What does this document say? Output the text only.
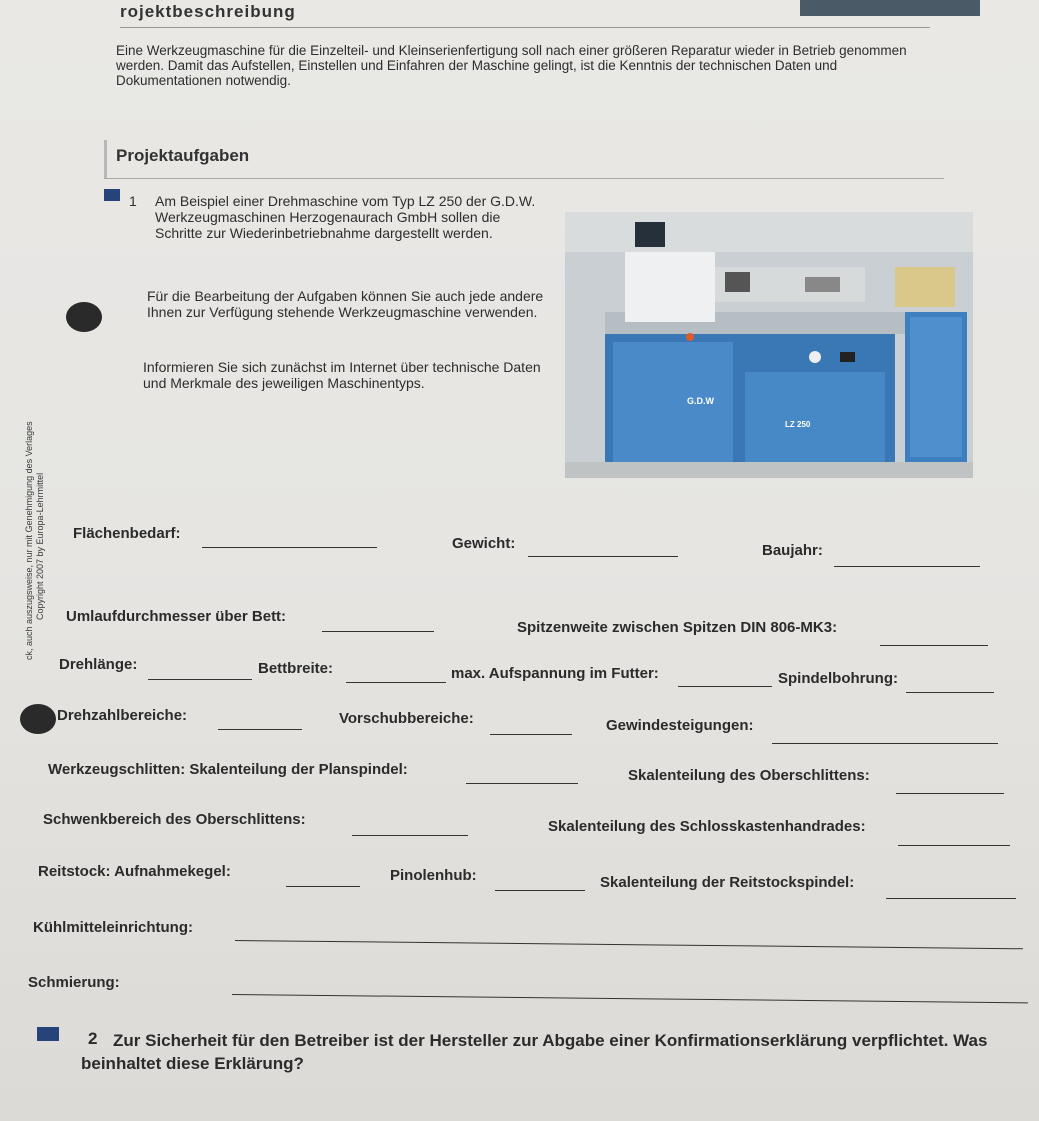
rojektbeschreibung
Eine Werkzeugmaschine für die Einzelteil- und Kleinserienfertigung soll nach einer größeren Reparatur wieder in Betrieb genommen werden. Damit das Aufstellen, Einstellen und Einfahren der Maschine gelingt, ist die Kenntnis der technischen Daten und Dokumentationen notwendig.
Projektaufgaben
ck, auch auszugsweise, nur mit Genehmigung des Verlages Copyright 2007 by Europa-Lehrmittel
1 Am Beispiel einer Drehmaschine vom Typ LZ 250 der G.D.W. Werkzeugmaschinen Herzogenaurach GmbH sollen die Schritte zur Wiederinbetriebnahme dargestellt werden.
Für die Bearbeitung der Aufgaben können Sie auch jede andere Ihnen zur Verfügung stehende Werkzeugmaschine verwenden.
Informieren Sie sich zunächst im Internet über technische Daten und Merkmale des jeweiligen Maschinentyps.
G.D.W
LZ 250
Flächenbedarf:
Gewicht:	Baujahr:
Umlaufdurchmesser über Bett:
Spitzenweite zwischen Spitzen DIN 806-MK3:
Drehlänge:	Bettbreite:	max. Aufspannung im Futter:	Spindelbohrung:
Drehzahlbereiche:	Vorschubbereiche:	Gewindesteigungen:
Werkzeugschlitten: Skalenteilung der Planspindel:	Skalenteilung des Oberschlittens:
Schwenkbereich des Oberschlittens:	Skalenteilung des Schlosskastenhandrades:
Reitstock: Aufnahmekegel:	Pinolenhub:	Skalenteilung der Reitstockspindel:
Kühlmitteleinrichtung:
Schmierung:
2 Zur Sicherheit für den Betreiber ist der Hersteller zur Abgabe einer Konfirmationserklärung verpflichtet. Was beinhaltet diese Erklärung?
